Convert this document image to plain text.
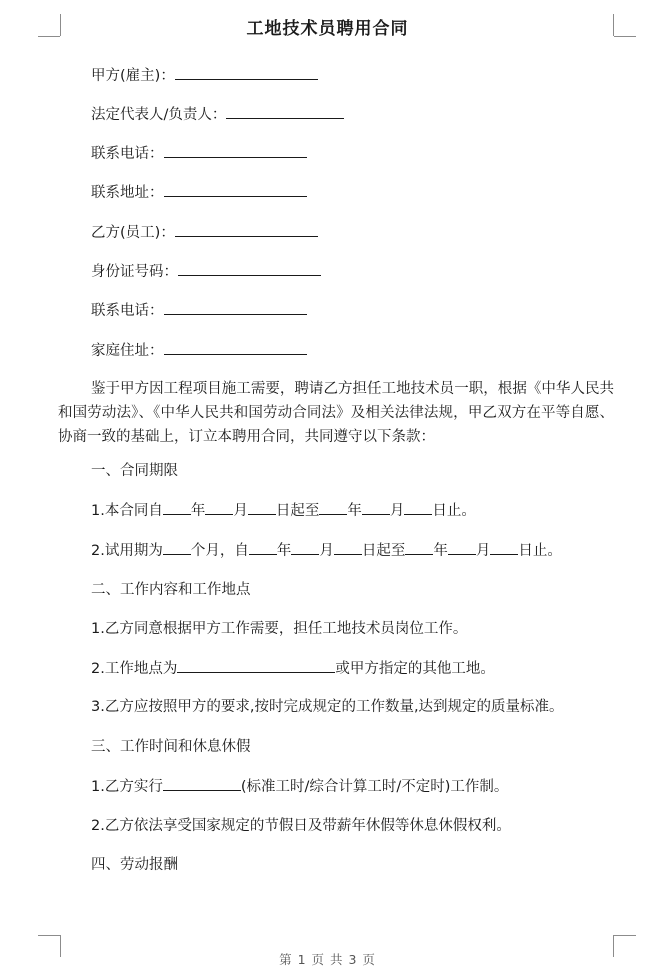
工地技术员聘用合同
甲方(雇主)：
法定代表人/负责人：
联系电话：
联系地址：
乙方(员工)：
身份证号码：
联系电话：
家庭住址：
鉴于甲方因工程项目施工需要，聘请乙方担任工地技术员一职，根据《中华人民共和国劳动法》、《中华人民共和国劳动合同法》及相关法律法规，甲乙双方在平等自愿、协商一致的基础上，订立本聘用合同，共同遵守以下条款：
一、合同期限
1.本合同自 年 月 日起至 年 月 日止。
2.试用期为 个月，自 年 月 日起至 年 月 日止。
二、工作内容和工作地点
1.乙方同意根据甲方工作需要，担任工地技术员岗位工作。
2.工作地点为	或甲方指定的其他工地。
3.乙方应按照甲方的要求,按时完成规定的工作数量,达到规定的质量标准。
三、工作时间和休息休假
1.乙方实行	(标准工时/综合计算工时/不定时)工作制。
2.乙方依法享受国家规定的节假日及带薪年休假等休息休假权利。
四、劳动报酬
第 1 页 共 3 页
